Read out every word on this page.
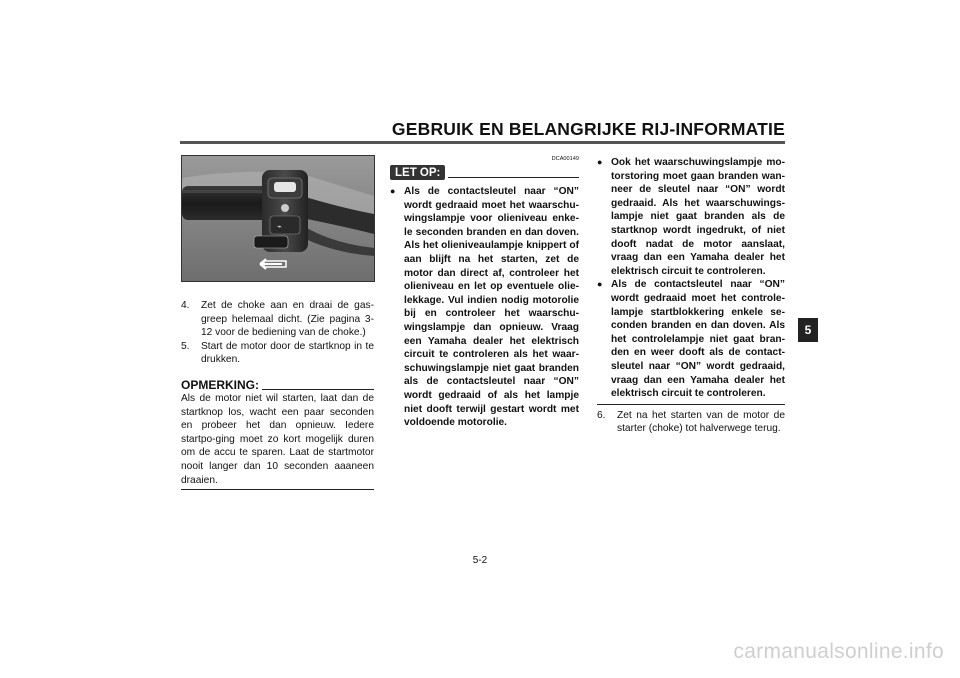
GEBRUIK EN BELANGRIJKE RIJ-INFORMATIE
⌁
4.	Zet de choke aan en draai de gas-greep helemaal dicht. (Zie pagina 3-12 voor de bediening van de choke.)
5.	Start de motor door de startknop in te drukken.
OPMERKING:
Als de motor niet wil starten, laat dan de startknop los, wacht een paar seconden en probeer het dan opnieuw. Iedere startpo-ging moet zo kort mogelijk duren om de accu te sparen. Laat de startmotor nooit langer dan 10 seconden aaaneen draaien.
DCA00149
LET OP:
● Als de contactsleutel naar “ON” wordt gedraaid moet het waarschu-wingslampje voor olieniveau enke-le seconden branden en dan doven. Als het olieniveaulampje knippert of aan blijft na het starten, zet de motor dan direct af, controleer het olieniveau en let op eventuele olie-lekkage. Vul indien nodig motorolie bij en controleer het waarschu-wingslampje dan opnieuw. Vraag een Yamaha dealer het elektrisch circuit te controleren als het waar-schuwingslampje niet gaat branden als de contactsleutel naar “ON” wordt gedraaid of als het lampje niet dooft terwijl gestart wordt met voldoende motorolie.
● Ook het waarschuwingslampje mo-torstoring moet gaan branden wan-neer de sleutel naar “ON” wordt gedraaid. Als het waarschuwings-lampje niet gaat branden als de startknop wordt ingedrukt, of niet dooft nadat de motor aanslaat, vraag dan een Yamaha dealer het elektrisch circuit te controleren.
● Als de contactsleutel naar “ON” wordt gedraaid moet het controle-lampje startblokkering enkele se-conden branden en dan doven. Als het controlelampje niet gaat bran-den en weer dooft als de contact-sleutel naar “ON” wordt gedraaid, vraag dan een Yamaha dealer het elektrisch circuit te controleren.
6.	Zet na het starten van de motor de starter (choke) tot halverwege terug.
5
5-2
carmanualsonline.info
